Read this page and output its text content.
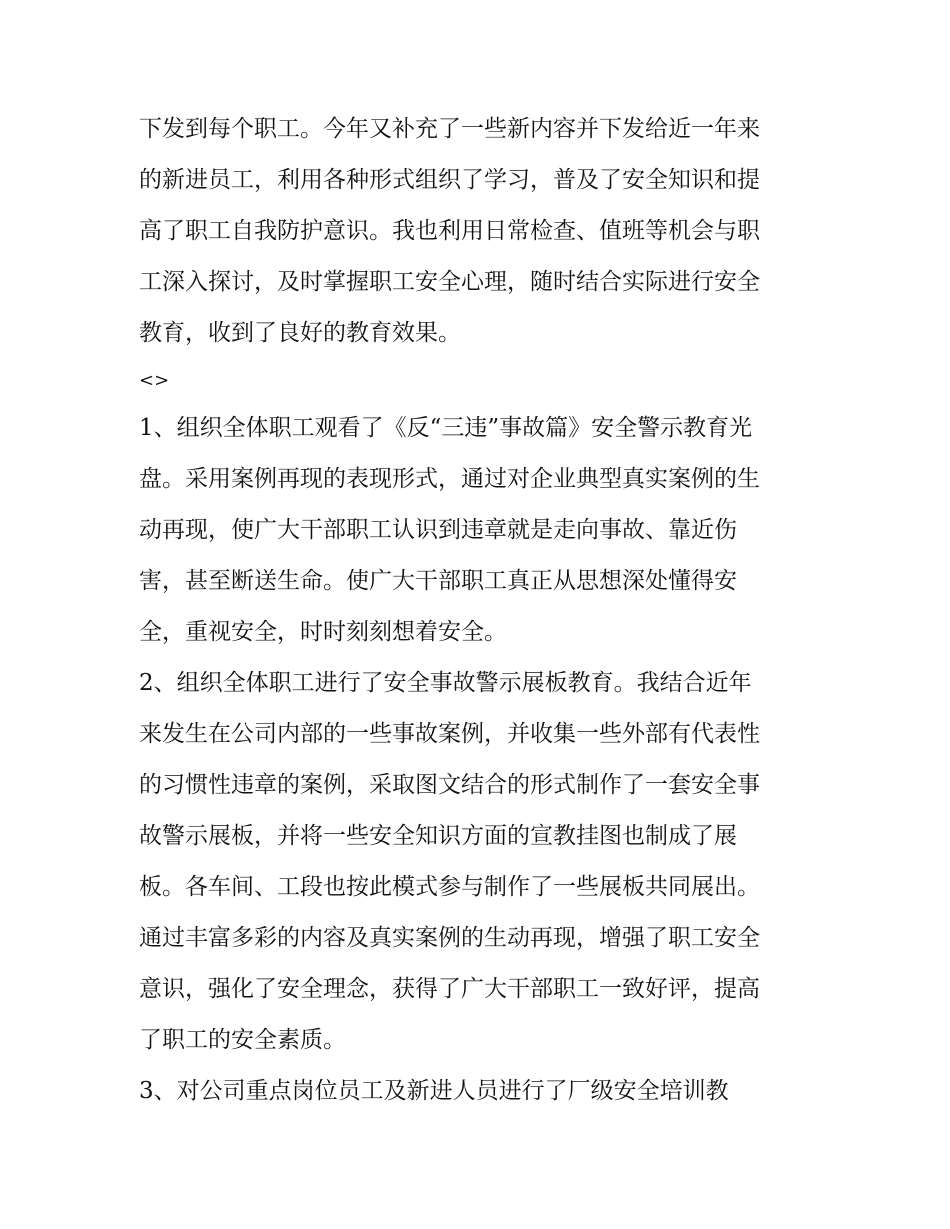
下发到每个职工。今年又补充了一些新内容并下发给近一年来
的新进员工，利用各种形式组织了学习，普及了安全知识和提
高了职工自我防护意识。我也利用日常检查、值班等机会与职
工深入探讨，及时掌握职工安全心理，随时结合实际进行安全
教育，收到了良好的教育效果。
<>
1、组织全体职工观看了《反“三违”事故篇》安全警示教育光
盘。采用案例再现的表现形式，通过对企业典型真实案例的生
动再现，使广大干部职工认识到违章就是走向事故、靠近伤
害，甚至断送生命。使广大干部职工真正从思想深处懂得安
全，重视安全，时时刻刻想着安全。
2、组织全体职工进行了安全事故警示展板教育。我结合近年
来发生在公司内部的一些事故案例，并收集一些外部有代表性
的习惯性违章的案例，采取图文结合的形式制作了一套安全事
故警示展板，并将一些安全知识方面的宣教挂图也制成了展
板。各车间、工段也按此模式参与制作了一些展板共同展出。
通过丰富多彩的内容及真实案例的生动再现，增强了职工安全
意识，强化了安全理念，获得了广大干部职工一致好评，提高
了职工的安全素质。
3、对公司重点岗位员工及新进人员进行了厂级安全培训教
